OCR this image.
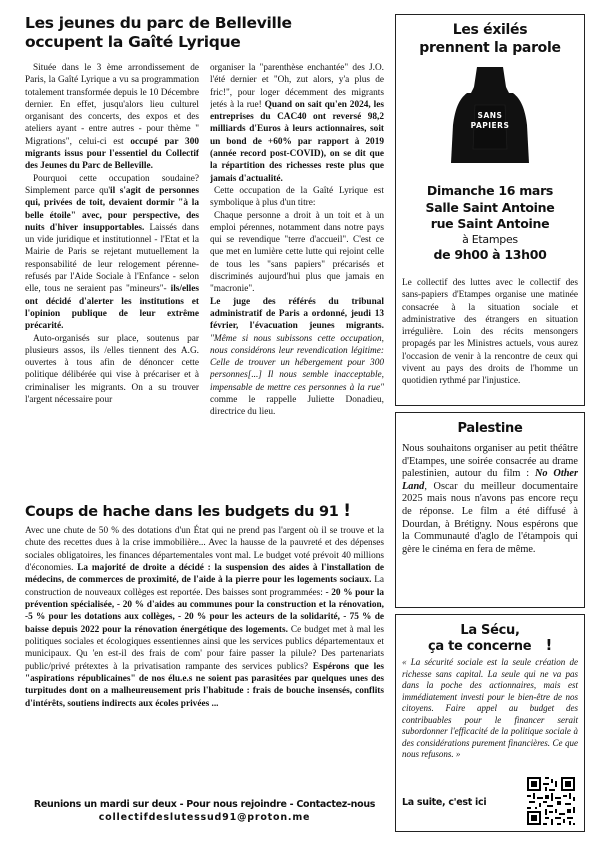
Les jeunes du parc de Belleville
occupent la Gaîté Lyrique

Située dans le 3 ème arrondissement de Paris, la Gaîté Lyrique a vu sa programmation totalement transformée depuis le 10 Décembre dernier. En effet, jusqu'alors lieu culturel organisant des concerts, des expos et des ateliers ayant - entre autres - pour thème " Migrations", celui-ci est occupé par 300 migrants issus pour l'essentiel du Collectif des Jeunes du Parc de Belleville.

Pourquoi cette occupation soudaine? Simplement parce qu'il s'agit de personnes qui, privées de toit, devaient dormir "à la belle étoile" avec, pour perspective, des nuits d'hiver insupportables. Laissés dans un vide juridique et institutionnel - l'Etat et la Mairie de Paris se rejetant mutuellement la responsabilité de leur relogement pérenne- refusés par l'Aide Sociale à l'Enfance - selon elle, tous ne seraient pas "mineurs"- ils/elles ont décidé d'alerter les institutions et l'opinion publique de leur extrême précarité.

Auto-organisés sur place, soutenus par plusieurs assos, ils /elles tiennent des A.G. ouvertes à tous afin de dénoncer cette politique délibérée qui vise à précariser et à criminaliser les migrants. On a su trouver l'argent nécessaire pour

organiser la "parenthèse enchantée" des J.O. l'été dernier et "Oh, zut alors, y'a plus de fric!", pour loger décemment des migrants jetés à la rue! Quand on sait qu'en 2024, les entreprises du CAC40 ont reversé 98,2 milliards d'Euros à leurs actionnaires, soit un bond de +60% par rapport à 2019 (année record post-COVID), on se dit que la répartition des richesses reste plus que jamais d'actualité.

Cette occupation de la Gaîté Lyrique est symbolique à plus d'un titre:

Chaque personne a droit à un toit et à un emploi pérennes, notamment dans notre pays qui se revendique "terre d'accueil". C'est ce que met en lumière cette lutte qui rejoint celle de tous les "sans papiers" précarisés et discriminés aujourd'hui plus que jamais en "macronie".

Le juge des référés du tribunal administratif de Paris a ordonné, jeudi 13 février, l'évacuation jeunes migrants. "Même si nous subissons cette occupation, nous considérons leur revendication légitime: Celle de trouver un hébergement pour 300 personnes[...] Il nous semble inacceptable, impensable de mettre ces personnes à la rue" comme le rappelle Juliette Donadieu, directrice du lieu.

Les éxilés
prennent la parole
SANS
PAPIERS
Dimanche 16 mars
Salle Saint Antoine
rue Saint Antoine
à Etampes
de 9h00 à 13h00
Le collectif des luttes avec le collectif des sans-papiers d'Etampes organise une matinée consacrée à la situation sociale et administrative des étrangers en situation irrégulière. Loin des récits mensongers propagés par les Ministres actuels, vous aurez l'occasion de venir à la rencontre de ceux qui vivent au pays des droits de l'homme un quotidien rythmé par l'injustice.
Palestine
Nous souhaitons organiser au petit théâtre d'Etampes, une soirée consacrée au drame palestinien, autour du film : No Other Land, Oscar du meilleur documentaire 2025 mais nous n'avons pas encore reçu de réponse. Le film a été diffusé à Dourdan, à Brétigny. Nous espérons que la Communauté d'aglo de l'étampois qui gère le cinéma en fera de même.
Coups de hache dans les budgets du 91 !
Avec une chute de 50 % des dotations d'un État qui ne prend pas l'argent où il se trouve et la chute des recettes dues à la crise immobilière... Avec la hausse de la pauvreté et des dépenses sociales obligatoires, les finances départementales vont mal. Le budget voté prévoit 40 millions d'économies. La majorité de droite a décidé : la suspension des aides à l'installation de médecins, de commerces de proximité, de l'aide à la pierre pour les logements sociaux. La construction de nouveaux collèges est reportée. Des baisses sont programmées: - 20 % pour la prévention spécialisée, - 20 % d'aides au communes pour la construction et la rénovation, -5 % pour les dotations aux collèges, - 20 % pour les acteurs de la solidarité, - 75 % de baisse depuis 2022 pour la rénovation énergétique des logements. Ce budget met à mal les politiques sociales et écologiques essentiennes ainsi que les services publics départementaux et municipaux. Qu 'en est-il des frais de com' pour faire passer la pilule? Des partenariats public/privé prétextes à la privatisation rampante des services publics? Espérons que les "aspirations républicaines" de nos élu.e.s ne soient pas parasitées par quelques unes des turpitudes dont on a malheureusement pris l'habitude : frais de bouche insensés, conflits d'intérêts, soutiens indirects aux écoles privées ...
Reunions un mardi sur deux - Pour nous rejoindre - Contactez-nous
collectifdeslutessud91@proton.me
La Sécu,
ça te concerne !
« La sécurité sociale est la seule création de richesse sans capital. La seule qui ne va pas dans la poche des actionnaires, mais est immédiatement investi pour le bien-être de nos citoyens. Faire appel au budget des contribuables pour le financer serait subordonner l'efficacité de la politique sociale à des considérations purement financières. Ce que nous refusons. »
La suite, c'est ici
